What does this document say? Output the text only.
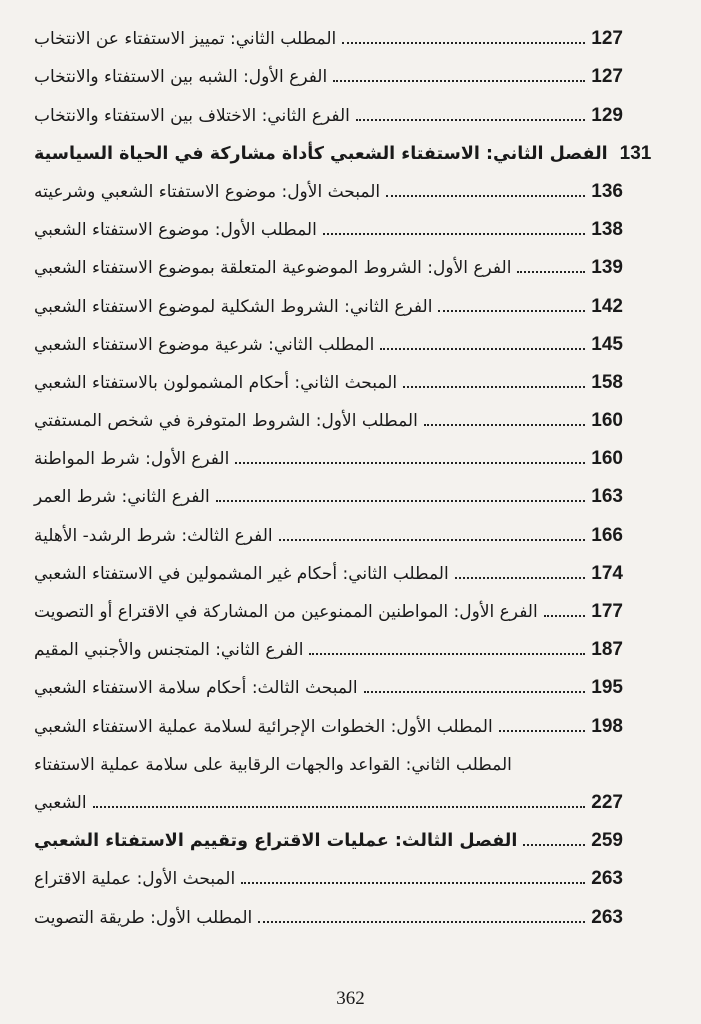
المطلب الثاني: تمييز الاستفتاء عن الانتخاب	127
الفرع الأول: الشبه بين الاستفتاء والانتخاب	127
الفرع الثاني: الاختلاف بين الاستفتاء والانتخاب	129
الفصل الثاني: الاستفتاء الشعبي كأداة مشاركة في الحياة السياسية 131
المبحث الأول: موضوع الاستفتاء الشعبي وشرعيته	136
المطلب الأول: موضوع الاستفتاء الشعبي	138
الفرع الأول: الشروط الموضوعية المتعلقة بموضوع الاستفتاء الشعبي	139
الفرع الثاني: الشروط الشكلية لموضوع الاستفتاء الشعبي	142
المطلب الثاني: شرعية موضوع الاستفتاء الشعبي	145
المبحث الثاني: أحكام المشمولون بالاستفتاء الشعبي	158
المطلب الأول: الشروط المتوفرة في شخص المستفتي	160
الفرع الأول: شرط المواطنة	160
الفرع الثاني: شرط العمر	163
الفرع الثالث: شرط الرشد- الأهلية	166
المطلب الثاني: أحكام غير المشمولين في الاستفتاء الشعبي	174
الفرع الأول: المواطنين الممنوعين من المشاركة في الاقتراع أو التصويت	177
الفرع الثاني: المتجنس والأجنبي المقيم	187
المبحث الثالث: أحكام سلامة الاستفتاء الشعبي	195
المطلب الأول: الخطوات الإجرائية لسلامة عملية الاستفتاء الشعبي	198
المطلب الثاني: القواعد والجهات الرقابية على سلامة عملية الاستفتاء
الشعبي	227
الفصل الثالث: عمليات الاقتراع وتقييم الاستفتاء الشعبي	259
المبحث الأول: عملية الاقتراع	263
المطلب الأول: طريقة التصويت	263
362
